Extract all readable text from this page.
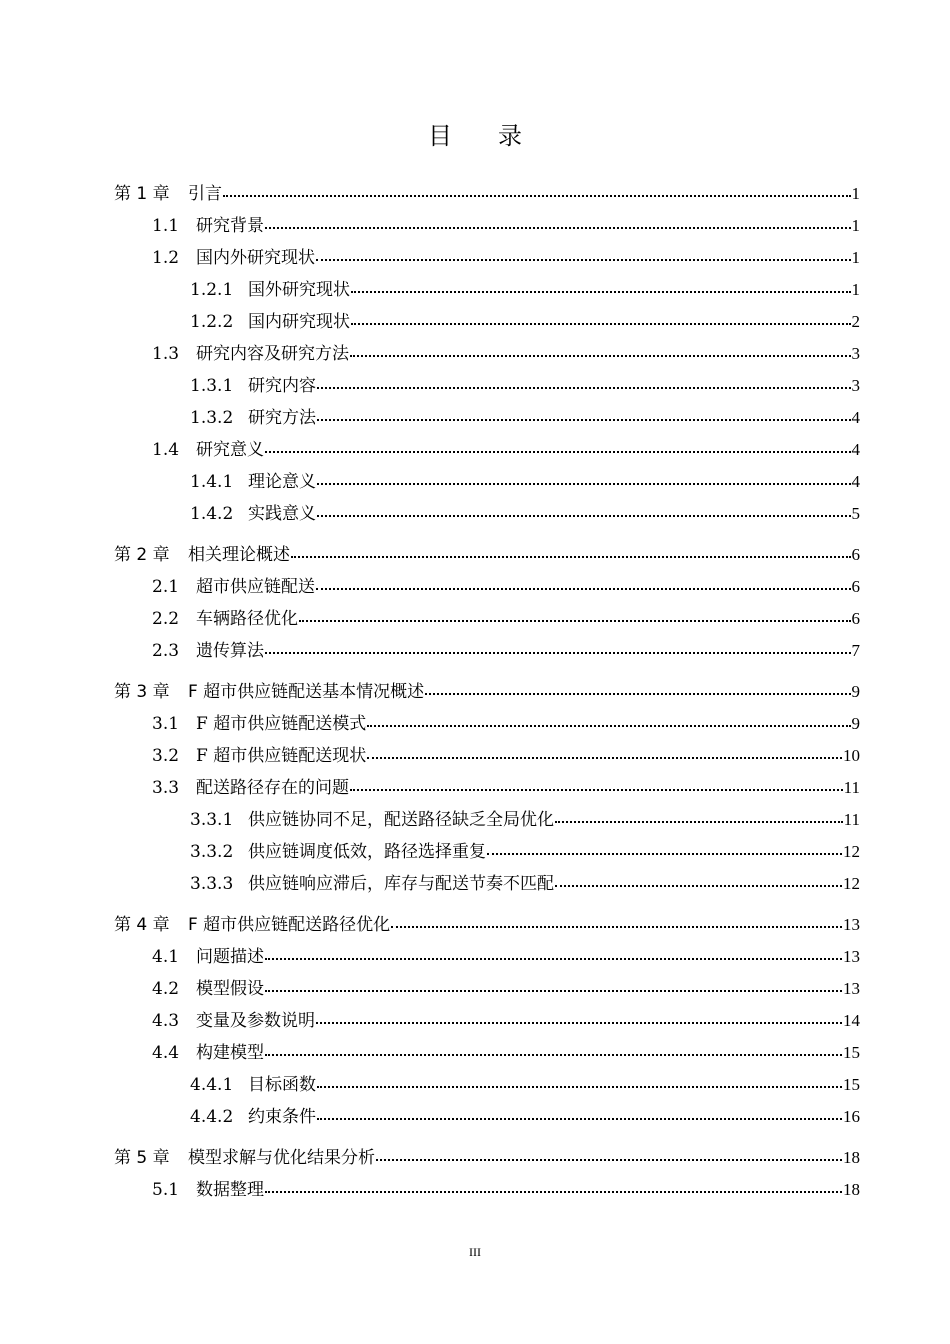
目 录
第 1 章	引言	1
1.1 研究背景	1
1.2 国内外研究现状	1
1.2.1 国外研究现状	1
1.2.2 国内研究现状	2
1.3 研究内容及研究方法	3
1.3.1 研究内容	3
1.3.2 研究方法	4
1.4 研究意义	4
1.4.1 理论意义	4
1.4.2 实践意义	5
第 2 章	相关理论概述	6
2.1 超市供应链配送	6
2.2 车辆路径优化	6
2.3 遗传算法	7
第 3 章	F 超市供应链配送基本情况概述	9
3.1 F 超市供应链配送模式	9
3.2 F 超市供应链配送现状	10
3.3 配送路径存在的问题	11
3.3.1 供应链协同不足，配送路径缺乏全局优化	11
3.3.2 供应链调度低效，路径选择重复	12
3.3.3 供应链响应滞后，库存与配送节奏不匹配	12
第 4 章	F 超市供应链配送路径优化	13
4.1 问题描述	13
4.2 模型假设	13
4.3 变量及参数说明	14
4.4 构建模型	15
4.4.1 目标函数	15
4.4.2 约束条件	16
第 5 章	模型求解与优化结果分析	18
5.1 数据整理	18
III
